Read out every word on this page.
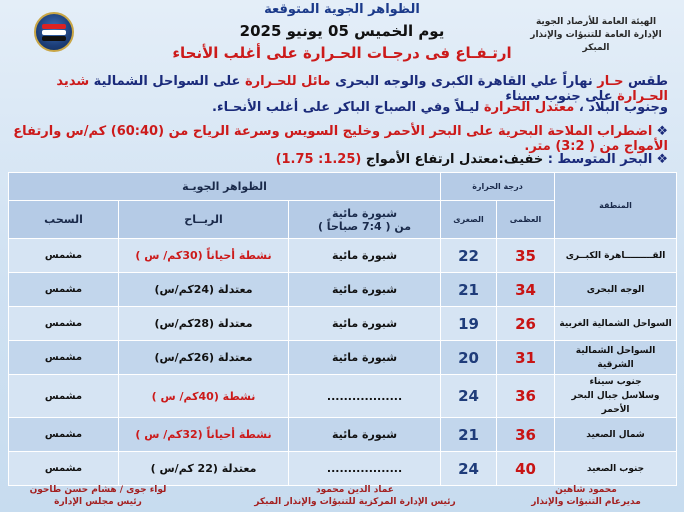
الظواهر الجوية المتوقعة
الهيئة العامة للأرصاد الجوية
الإدارة العامة للتنبؤات والإنذار المبكر
يوم الخميس 05 يونيو 2025
ارتـفـاع فى درجـات الحـرارة على أغلب الأنحاء
طقس حـار نهاراً علي القاهرة الكبرى والوجه البحرى مائل للحـرارة على السواحل الشمالية شديد الحـرارة على جنوب سيناء
وجنوب البلاد ، معتدل الحرارة ليـلاً وفي الصباح الباكر على أغلب الأنحـاء.
❖اضطراب الملاحة البحرية على البحر الأحمر وخليج السويس وسرعة الرياح من (60:40) كم/س وارتفاع الأمواج من ( 3:2) متر.
❖البحر المتوسط : خفيف:معتدل ارتفاع الأمواج (1.25: 1.75)
المنطقة	درجة الحرارة		الظواهر الجويـة		
	العظمى	الصغرى	شبورة مائية
من ( 7:4 صباحاً )	الريــاح	السحب

القـــــــــاهرة الكبــرى	35	22	شبورة مائية	نشطة أحياناً (30كم/ س )	مشمس

الوجه البحرى	34	21	شبورة مائية	معتدلة (24كم/س)	مشمس

السواحل الشمالية الغربية	26	19	شبورة مائية	معتدلة (28كم/س)	مشمس

السواحل الشمالية الشرقية	31	20	شبورة مائية	معتدلة (26كم/س)	مشمس

جنوب سيناء
وسلاسل جبال البحر الأحمر	36	24	..................	نشطة (40كم/ س )	مشمس

شمال الصعيد	36	21	شبورة مائية	نشطة أحياناً (32كم/ س )	مشمس

جنوب الصعيد	40	24	..................	معتدلة (22 كم/س )	مشمس
محمود شاهين
مديرعام التنبؤات والإنذار
عماد الدين محمود
رئيس الإدارة المركزية للتنبؤات والإنذار المبكر
لواء جوى / هشام حسن طاحون
رئيس مجلس الإدارة
